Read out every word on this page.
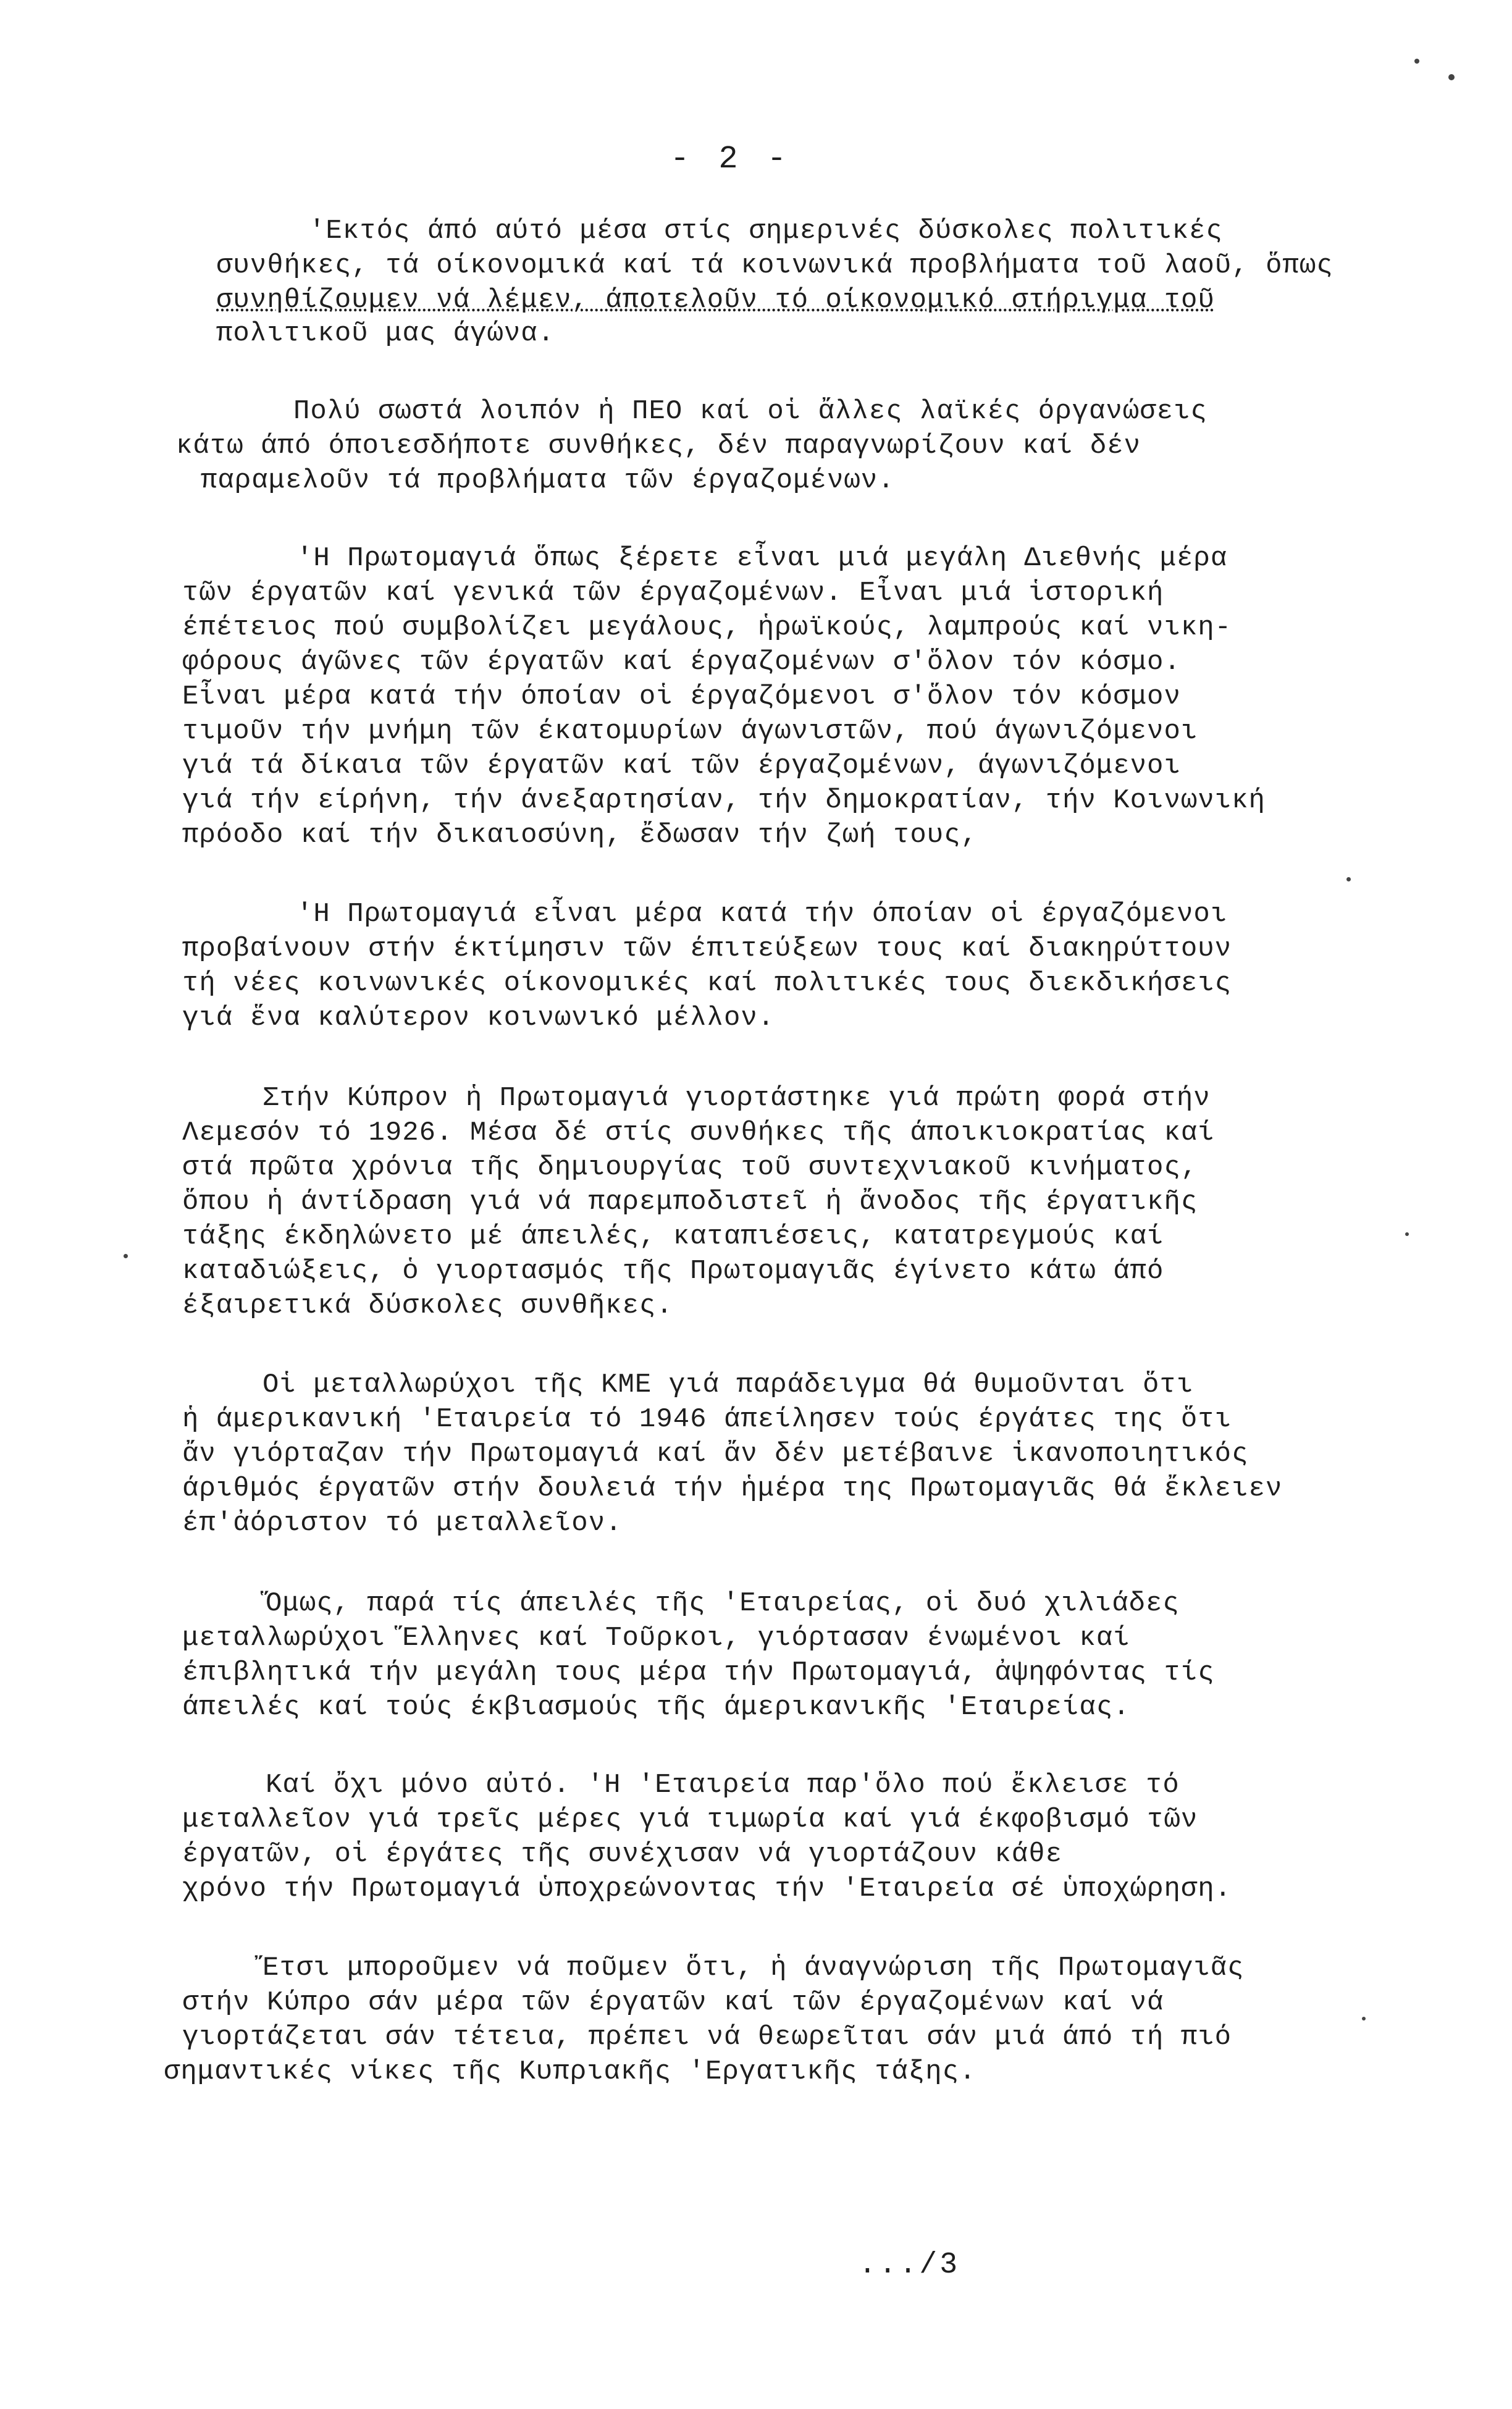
- 2 -
'Εκτός άπό αύτό μέσα στίς σημερινές δύσκολες πολιτικές
συνθήκες, τά οίκονομικά καί τά κοινωνικά προβλήματα τοῦ λαοῦ, ὅπως
συνηθίζουμεν νά λέμεν, άποτελοῦν τό οίκονομικό στήριγμα τοῦ
πολιτικοῦ μας άγώνα.
Πολύ σωστά λοιπόν ἡ ΠΕΟ καί οἱ ἄλλες λαϊκές όργανώσεις
κάτω άπό όποιεσδήποτε συνθήκες, δέν παραγνωρίζουν καί δέν
παραμελοῦν τά προβλήματα τῶν έργαζομένων.
'Η Πρωτομαγιά ὅπως ξέρετε εἶναι μιά μεγάλη Διεθνής μέρα
τῶν έργατῶν καί γενικά τῶν έργαζομένων. Εἶναι μιά ἱστορική
έπέτειος πού συμβολίζει μεγάλους, ἡρωϊκούς, λαμπρούς καί νικη-
φόρους άγῶνες τῶν έργατῶν καί έργαζομένων σ'ὅλον τόν κόσμο.
Εἶναι μέρα κατά τήν όποίαν οἱ έργαζόμενοι σ'ὅλον τόν κόσμον
τιμοῦν τήν μνήμη τῶν έκατομυρίων άγωνιστῶν, πού άγωνιζόμενοι
γιά τά δίκαια τῶν έργατῶν καί τῶν έργαζομένων, άγωνιζόμενοι
γιά τήν είρήνη, τήν άνεξαρτησίαν, τήν δημοκρατίαν, τήν Κοινωνική
πρόοδο καί τήν δικαιοσύνη, ἔδωσαν τήν ζωή τους,
'Η Πρωτομαγιά εἶναι μέρα κατά τήν όποίαν οἱ έργαζόμενοι
προβαίνουν στήν έκτίμησιν τῶν έπιτεύξεων τους καί διακηρύττουν
τή νέες κοινωνικές οίκονομικές καί πολιτικές τους διεκδικήσεις
γιά ἕνα καλύτερον κοινωνικό μέλλον.
Στήν Κύπρον ἡ Πρωτομαγιά γιορτάστηκε γιά πρώτη φορά στήν
Λεμεσόν τό 1926. Μέσα δέ στίς συνθήκες τῆς άποικιοκρατίας καί
στά πρῶτα χρόνια τῆς δημιουργίας τοῦ συντεχνιακοῦ κινήματος,
ὅπου ἡ άντίδραση γιά νά παρεμποδιστεῖ ἡ ἄνοδος τῆς έργατικῆς
τάξης έκδηλώνετο μέ άπειλές, καταπιέσεις, κατατρεγμούς καί
καταδιώξεις, ὁ γιορτασμός τῆς Πρωτομαγιᾶς έγίνετο κάτω άπό
έξαιρετικά δύσκολες συνθῆκες.
Οἱ μεταλλωρύχοι τῆς ΚΜΕ γιά παράδειγμα θά θυμοῦνται ὅτι
ἡ άμερικανική 'Εταιρεία τό 1946 άπείλησεν τούς έργάτες της ὅτι
ἄν γιόρταζαν τήν Πρωτομαγιά καί ἄν δέν μετέβαινε ἱκανοποιητικός
άριθμός έργατῶν στήν δουλειά τήν ἡμέρα της Πρωτομαγιᾶς θά ἔκλειεν
έπ'ἀόριστον τό μεταλλεῖον.
Ὅμως, παρά τίς άπειλές τῆς 'Εταιρείας, οἱ δυό χιλιάδες
μεταλλωρύχοι Ἕλληνες καί Τοῦρκοι, γιόρτασαν ένωμένοι καί
έπιβλητικά τήν μεγάλη τους μέρα τήν Πρωτομαγιά, ἀψηφόντας τίς
άπειλές καί τούς έκβιασμούς τῆς άμερικανικῆς 'Εταιρείας.
Καί ὄχι μόνο αὐτό. 'Η 'Εταιρεία παρ'ὅλο πού ἔκλεισε τό
μεταλλεῖον γιά τρεῖς μέρες γιά τιμωρία καί γιά έκφοβισμό τῶν
έργατῶν, οἱ έργάτες τῆς συνέχισαν νά γιορτάζουν κάθε
χρόνο τήν Πρωτομαγιά ὑποχρεώνοντας τήν 'Εταιρεία σέ ὑποχώρηση.
Ἔτσι μποροῦμεν νά ποῦμεν ὅτι, ἡ άναγνώριση τῆς Πρωτομαγιᾶς
στήν Κύπρο σάν μέρα τῶν έργατῶν καί τῶν έργαζομένων καί νά
γιορτάζεται σάν τέτεια, πρέπει νά θεωρεῖται σάν μιά άπό τή πιό
σημαντικές νίκες τῆς Κυπριακῆς 'Εργατικῆς τάξης.
.../3
